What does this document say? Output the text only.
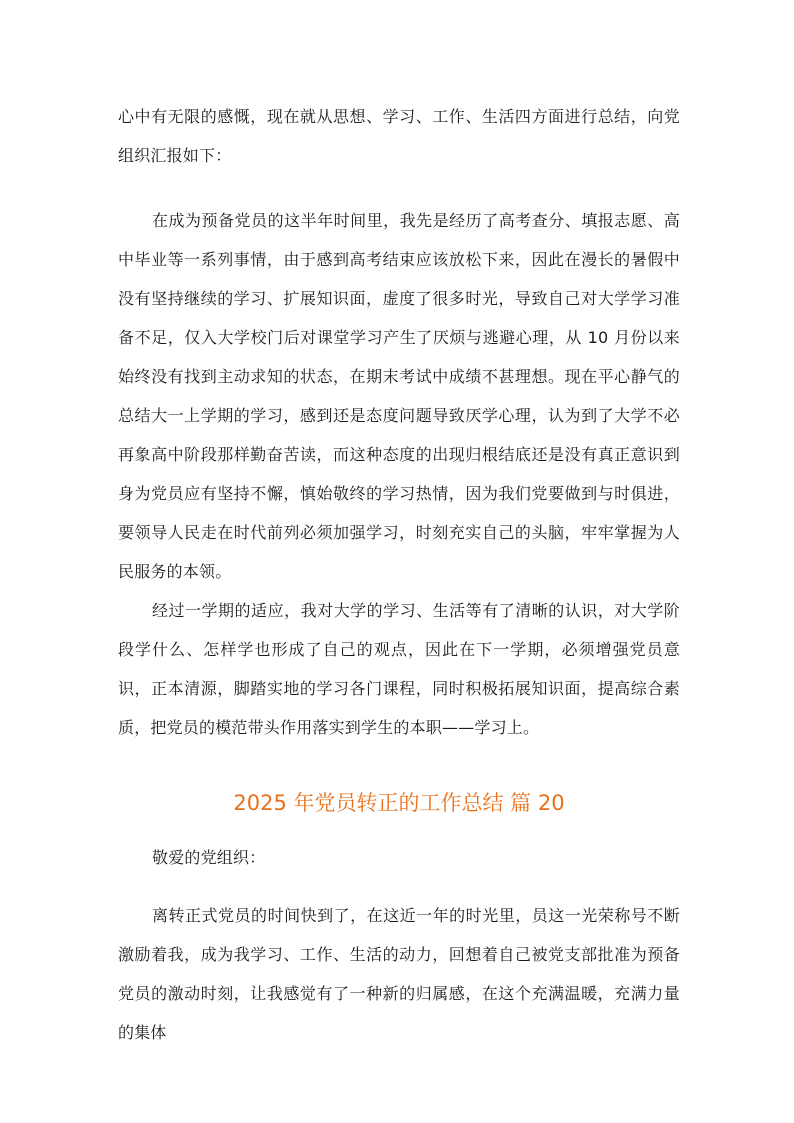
心中有无限的感慨，现在就从思想、学习、工作、生活四方面进行总结，向党组织汇报如下：

在成为预备党员的这半年时间里，我先是经历了高考查分、填报志愿、高中毕业等一系列事情，由于感到高考结束应该放松下来，因此在漫长的暑假中没有坚持继续的学习、扩展知识面，虚度了很多时光，导致自己对大学学习准备不足，仅入大学校门后对课堂学习产生了厌烦与逃避心理，从 10 月份以来始终没有找到主动求知的状态，在期末考试中成绩不甚理想。现在平心静气的总结大一上学期的学习，感到还是态度问题导致厌学心理，认为到了大学不必再象高中阶段那样勤奋苦读，而这种态度的出现归根结底还是没有真正意识到身为党员应有坚持不懈，慎始敬终的学习热情，因为我们党要做到与时俱进，要领导人民走在时代前列必须加强学习，时刻充实自己的头脑，牢牢掌握为人民服务的本领。

经过一学期的适应，我对大学的学习、生活等有了清晰的认识，对大学阶段学什么、怎样学也形成了自己的观点，因此在下一学期，必须增强党员意识，正本清源，脚踏实地的学习各门课程，同时积极拓展知识面，提高综合素质，把党员的模范带头作用落实到学生的本职——学习上。

2025 年党员转正的工作总结 篇 20

敬爱的党组织：

离转正式党员的时间快到了，在这近一年的时光里，员这一光荣称号不断激励着我，成为我学习、工作、生活的动力，回想着自己被党支部批准为预备党员的激动时刻，让我感觉有了一种新的归属感，在这个充满温暖，充满力量的集体
